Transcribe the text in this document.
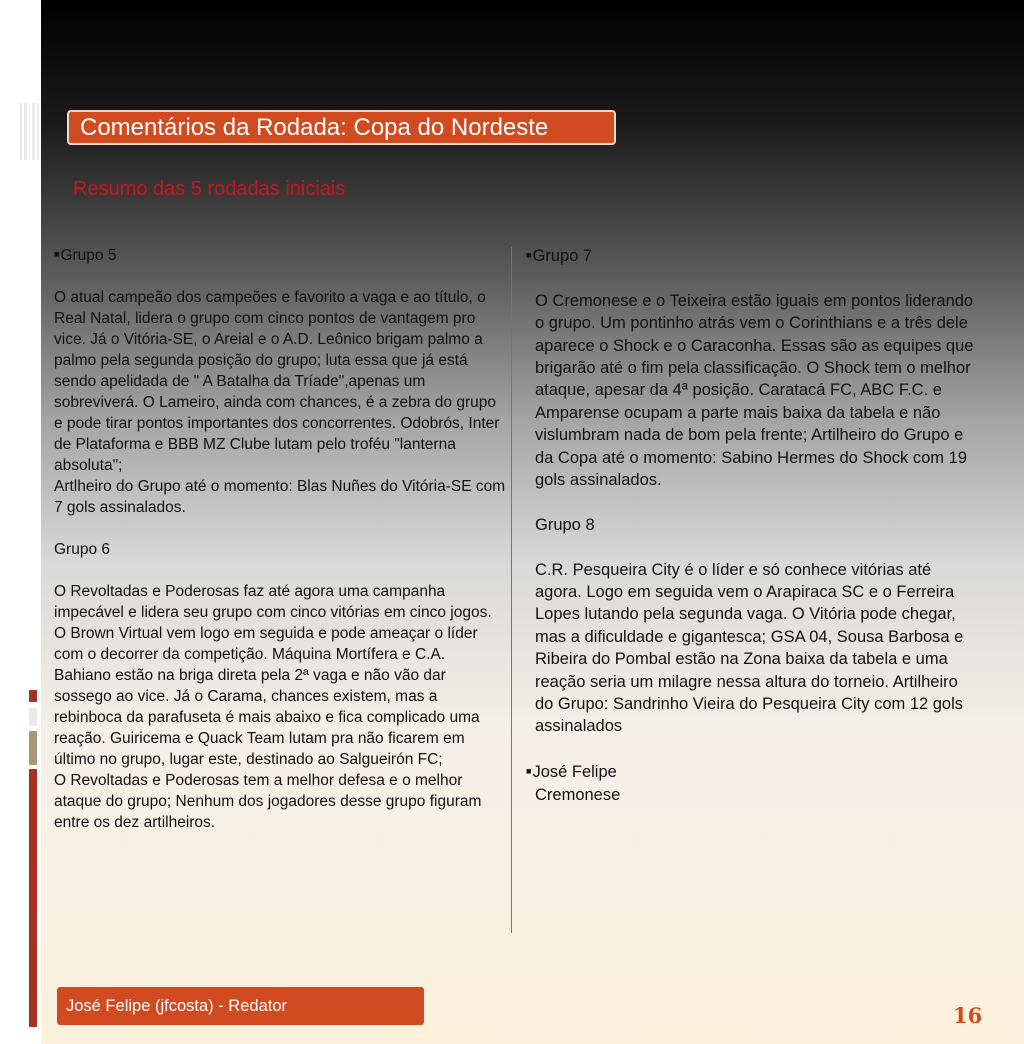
Comentários da Rodada: Copa do Nordeste
Resumo das 5 rodadas iniciais

■Grupo 5

O atual campeão dos campeões e favorito a vaga e ao título, o Real Natal, lidera o grupo com cinco pontos de vantagem pro vice. Já o Vitória-SE, o Areial e o A.D. Leônico brigam palmo a palmo pela segunda posição do grupo; luta essa que já está sendo apelidada de " A Batalha da Tríade",apenas um sobreviverá. O Lameiro, ainda com chances, é a zebra do grupo e pode tirar pontos importantes dos concorrentes. Odobrós, Inter de Plataforma e BBB MZ Clube lutam pelo troféu "lanterna absoluta";

Artlheiro do Grupo até o momento: Blas Nuñes do Vitória-SE com 7 gols assinalados.

Grupo 6

O Revoltadas e Poderosas faz até agora uma campanha impecável e lidera seu grupo com cinco vitórias em cinco jogos. O Brown Virtual vem logo em seguida e pode ameaçar o líder com o decorrer da competição. Máquina Mortífera e C.A. Bahiano estão na briga direta pela 2ª vaga e não vão dar sossego ao vice. Já o Carama, chances existem, mas a rebinboca da parafuseta é mais abaixo e fica complicado uma reação. Guiricema e Quack Team lutam pra não ficarem em último no grupo, lugar este, destinado ao Salgueirón FC;

O Revoltadas e Poderosas tem a melhor defesa e o melhor ataque do grupo; Nenhum dos jogadores desse grupo figuram entre os dez artilheiros.

■Grupo 7

O Cremonese e o Teixeira estão iguais em pontos liderando o grupo. Um pontinho atrás vem o Corinthians e a três dele aparece o Shock e o Caraconha. Essas são as equipes que brigarão até o fim pela classificação. O Shock tem o melhor ataque, apesar da 4ª posição. Caratacá FC, ABC F.C. e Amparense ocupam a parte mais baixa da tabela e não vislumbram nada de bom pela frente; Artilheiro do Grupo e da Copa até o momento: Sabino Hermes do Shock com 19 gols assinalados.

Grupo 8

C.R. Pesqueira City é o líder e só conhece vitórias até agora. Logo em seguida vem o Arapiraca SC e o Ferreira Lopes lutando pela segunda vaga. O Vitória pode chegar, mas a dificuldade e gigantesca; GSA 04, Sousa Barbosa e Ribeira do Pombal estão na Zona baixa da tabela e uma reação seria um milagre nessa altura do torneio. Artilheiro do Grupo: Sandrinho Vieira do Pesqueira City com 12 gols assinalados

■José Felipe

Cremonese

José Felipe (jfcosta) - Redator	16
